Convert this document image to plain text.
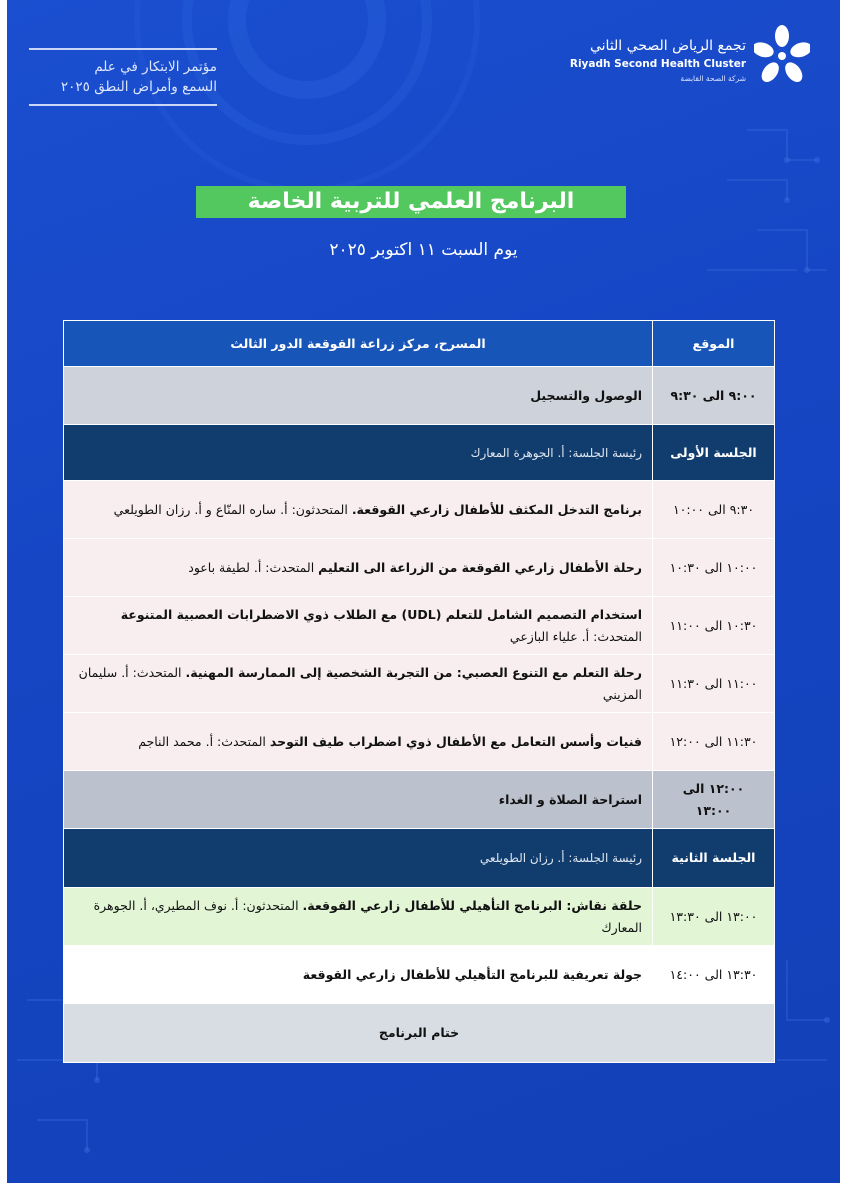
مؤتمر الابتكار في علم
السمع وأمراض النطق ٢٠٢٥
تجمع الرياض الصحي الثاني
Riyadh Second Health Cluster
شركة الصحة القابضة
البرنامج العلمي للتربية الخاصة
يوم السبت ١١ اكتوبر ٢٠٢٥
الموقع	المسرح، مركز زراعة القوقعة الدور الثالث
٩:٠٠ الى ٩:٣٠	الوصول والتسجيل
الجلسة الأولى	رئيسة الجلسة: أ. الجوهرة المعارك
٩:٣٠ الى ١٠:٠٠	برنامج التدخل المكثف للأطفال زارعي القوقعة. المتحدثون: أ. ساره المنّاع و أ. رزان الطويلعي
١٠:٠٠ الى ١٠:٣٠	رحلة الأطفال زارعي القوقعة من الزراعة الى التعليم المتحدث: أ. لطيفة باعود
١٠:٣٠ الى ١١:٠٠	استخدام التصميم الشامل للتعلم (UDL) مع الطلاب ذوي الاضطرابات العصبية المتنوعة المتحدث: أ. علياء البازعي
١١:٠٠ الى ١١:٣٠	رحلة التعلم مع التنوع العصبي: من التجربة الشخصية إلى الممارسة المهنية. المتحدث: أ. سليمان المزيني
١١:٣٠ الى ١٢:٠٠	فنيات وأسس التعامل مع الأطفال ذوي اضطراب طيف التوحد المتحدث: أ. محمد الناجم
١٢:٠٠ الى ١٣:٠٠	استراحة الصلاة و الغداء
الجلسة الثانية	رئيسة الجلسة: أ. رزان الطويلعي
١٣:٠٠ الى ١٣:٣٠	حلقة نقاش: البرنامج التأهيلي للأطفال زارعي القوقعة. المتحدثون: أ. نوف المطيري، أ. الجوهرة المعارك
١٣:٣٠ الى ١٤:٠٠	جولة تعريفية للبرنامج التأهيلي للأطفال زارعي القوقعة
ختام البرنامج	
